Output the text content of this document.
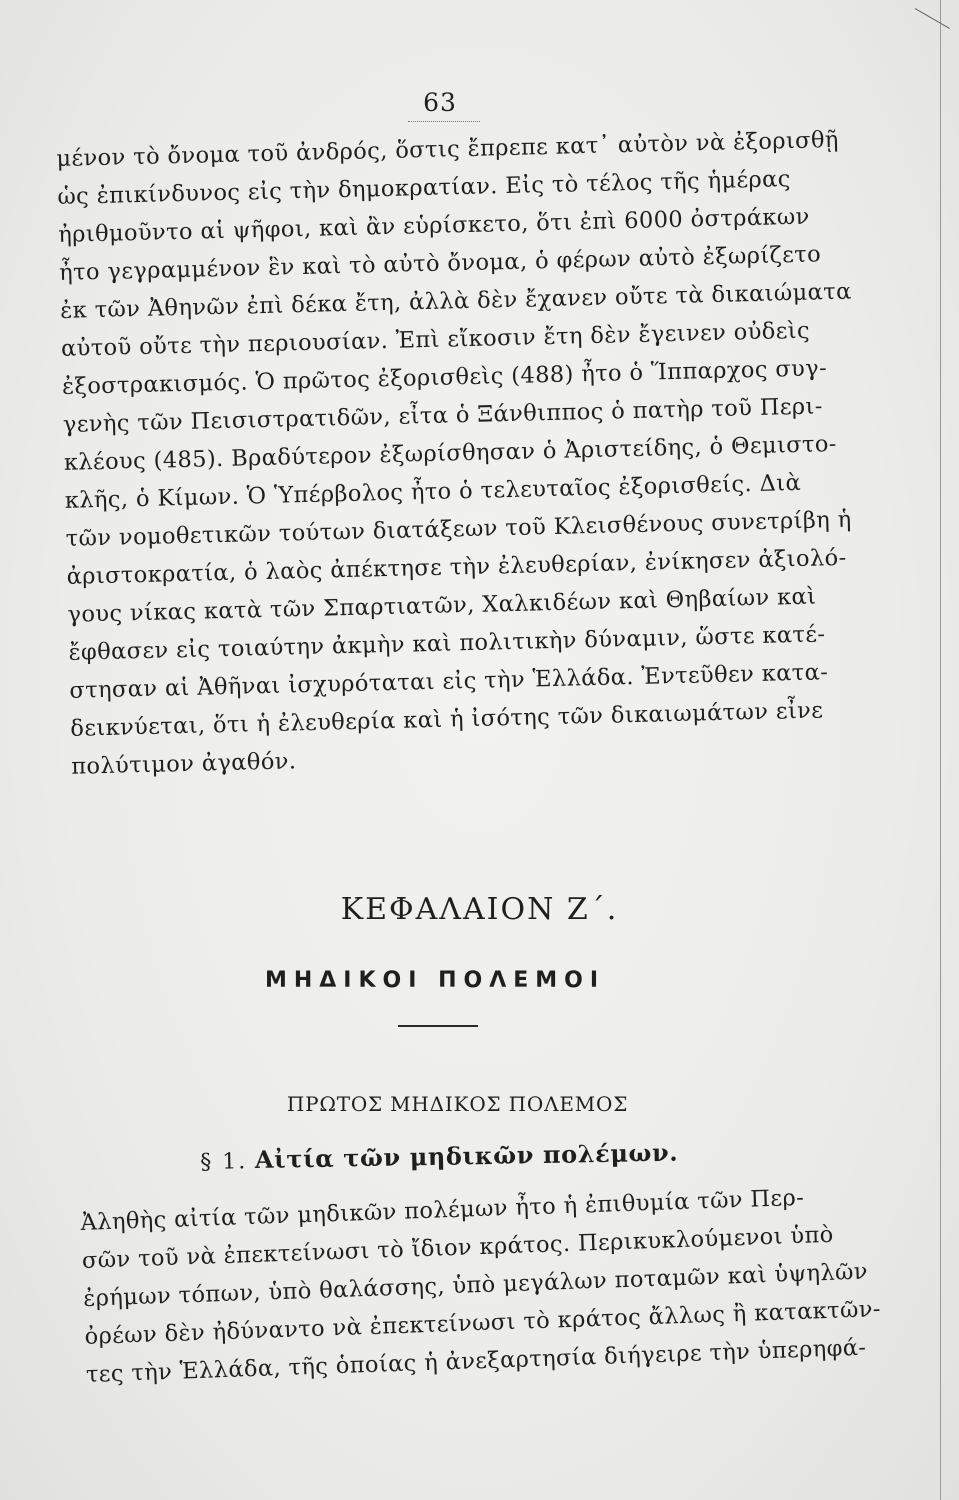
63
μένον τὸ ὄνομα τοῦ ἀνδρός, ὅστις ἔπρεπε κατ᾽ αὐτὸν νὰ ἐξορισθῇ
ὡς ἐπικίνδυνος εἰς τὴν δημοκρατίαν. Εἰς τὸ τέλος τῆς ἡμέρας
ἠριθμοῦντο αἱ ψῆφοι, καὶ ἂν εὑρίσκετο, ὅτι ἐπὶ 6000 ὀστράκων
ἦτο γεγραμμένον ἓν καὶ τὸ αὐτὸ ὄνομα, ὁ φέρων αὐτὸ ἐξωρίζετο
ἐκ τῶν Ἀθηνῶν ἐπὶ δέκα ἔτη, ἀλλὰ δὲν ἔχανεν οὔτε τὰ δικαιώματα
αὐτοῦ οὔτε τὴν περιουσίαν. Ἐπὶ εἴκοσιν ἔτη δὲν ἔγεινεν οὐδεὶς
ἐξοστρακισμός. Ὁ πρῶτος ἐξορισθεὶς (488) ἦτο ὁ Ἵππαρχος συγ-
γενὴς τῶν Πεισιστρατιδῶν, εἶτα ὁ Ξάνθιππος ὁ πατὴρ τοῦ Περι-
κλέους (485). Βραδύτερον ἐξωρίσθησαν ὁ Ἀριστείδης, ὁ Θεμιστο-
κλῆς, ὁ Κίμων. Ὁ Ὑπέρβολος ἦτο ὁ τελευταῖος ἐξορισθείς. Διὰ
τῶν νομοθετικῶν τούτων διατάξεων τοῦ Κλεισθένους συνετρίβη ἡ
ἀριστοκρατία, ὁ λαὸς ἀπέκτησε τὴν ἐλευθερίαν, ἐνίκησεν ἀξιολό-
γους νίκας κατὰ τῶν Σπαρτιατῶν, Χαλκιδέων καὶ Θηβαίων καὶ
ἔφθασεν εἰς τοιαύτην ἀκμὴν καὶ πολιτικὴν δύναμιν, ὥστε κατέ-
στησαν αἱ Ἀθῆναι ἰσχυρόταται εἰς τὴν Ἑλλάδα. Ἐντεῦθεν κατα-
δεικνύεται, ὅτι ἡ ἐλευθερία καὶ ἡ ἰσότης τῶν δικαιωμάτων εἶνε
πολύτιμον ἀγαθόν.
ΚΕΦΑΛΑΙΟΝ Ζ΄.
ΜΗΔΙΚΟΙ ΠΟΛΕΜΟΙ
ΠΡΩΤΟΣ ΜΗΔΙΚΟΣ ΠΟΛΕΜΟΣ
§ 1. Αἰτία τῶν μηδικῶν πολέμων.
Ἀληθὴς αἰτία τῶν μηδικῶν πολέμων ἦτο ἡ ἐπιθυμία τῶν Περ-
σῶν τοῦ νὰ ἐπεκτείνωσι τὸ ἴδιον κράτος. Περικυκλούμενοι ὑπὸ
ἐρήμων τόπων, ὑπὸ θαλάσσης, ὑπὸ μεγάλων ποταμῶν καὶ ὑψηλῶν
ὀρέων δὲν ἠδύναντο νὰ ἐπεκτείνωσι τὸ κράτος ἄλλως ἢ κατακτῶν-
τες τὴν Ἑλλάδα, τῆς ὁποίας ἡ ἀνεξαρτησία διήγειρε τὴν ὑπερηφά-
